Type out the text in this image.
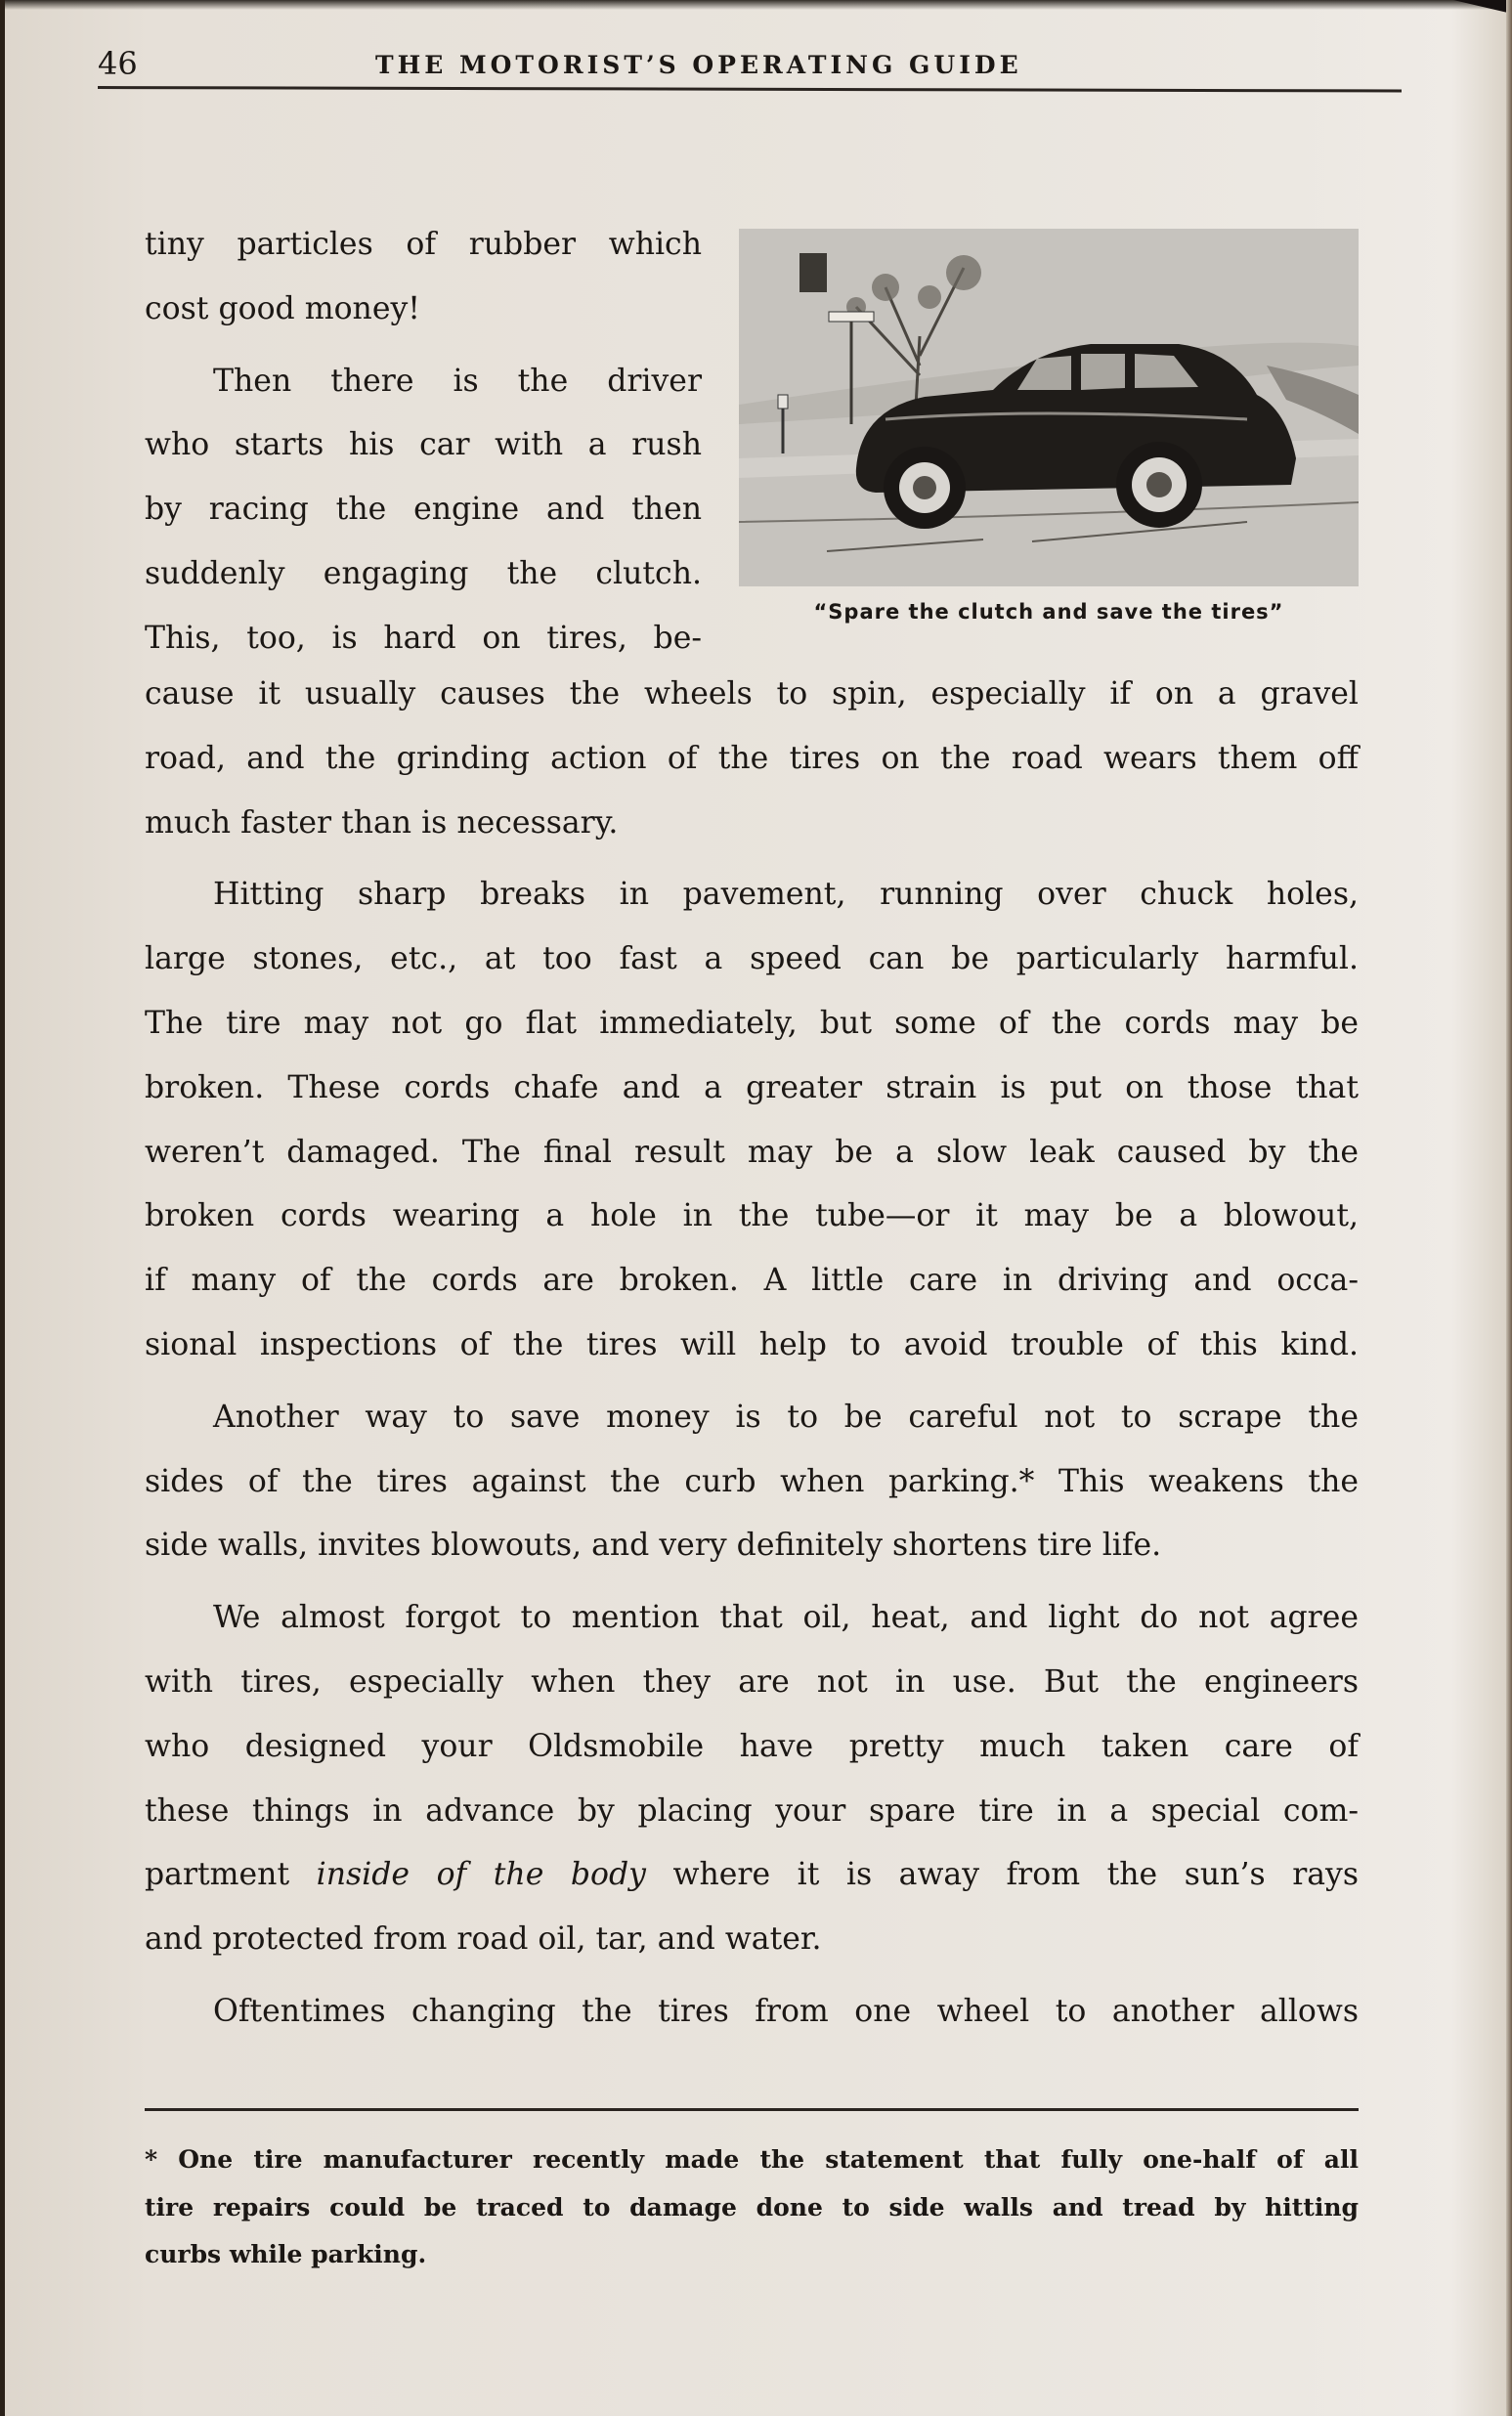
46	THE MOTORIST’S OPERATING GUIDE
“Spare the clutch and save the tires”

tiny particles of rubber which

cost good money!

Then there is the driver

who starts his car with a rush

by racing the engine and then

suddenly engaging the clutch.

This, too, is hard on tires, be-

cause it usually causes the wheels to spin, especially if on a gravel

road, and the grinding action of the tires on the road wears them off

much faster than is necessary.

Hitting sharp breaks in pavement, running over chuck holes,

large stones, etc., at too fast a speed can be particularly harmful.

The tire may not go flat immediately, but some of the cords may be

broken. These cords chafe and a greater strain is put on those that

weren’t damaged. The final result may be a slow leak caused by the

broken cords wearing a hole in the tube—or it may be a blowout,

if many of the cords are broken. A little care in driving and occa-

sional inspections of the tires will help to avoid trouble of this kind.

Another way to save money is to be careful not to scrape the

sides of the tires against the curb when parking.* This weakens the

side walls, invites blowouts, and very definitely shortens tire life.

We almost forgot to mention that oil, heat, and light do not agree

with tires, especially when they are not in use. But the engineers

who designed your Oldsmobile have pretty much taken care of

these things in advance by placing your spare tire in a special com-

partment inside of the body where it is away from the sun’s rays

and protected from road oil, tar, and water.

Oftentimes changing the tires from one wheel to another allows

* One tire manufacturer recently made the statement that fully one-half of all

tire repairs could be traced to damage done to side walls and tread by hitting

curbs while parking.
